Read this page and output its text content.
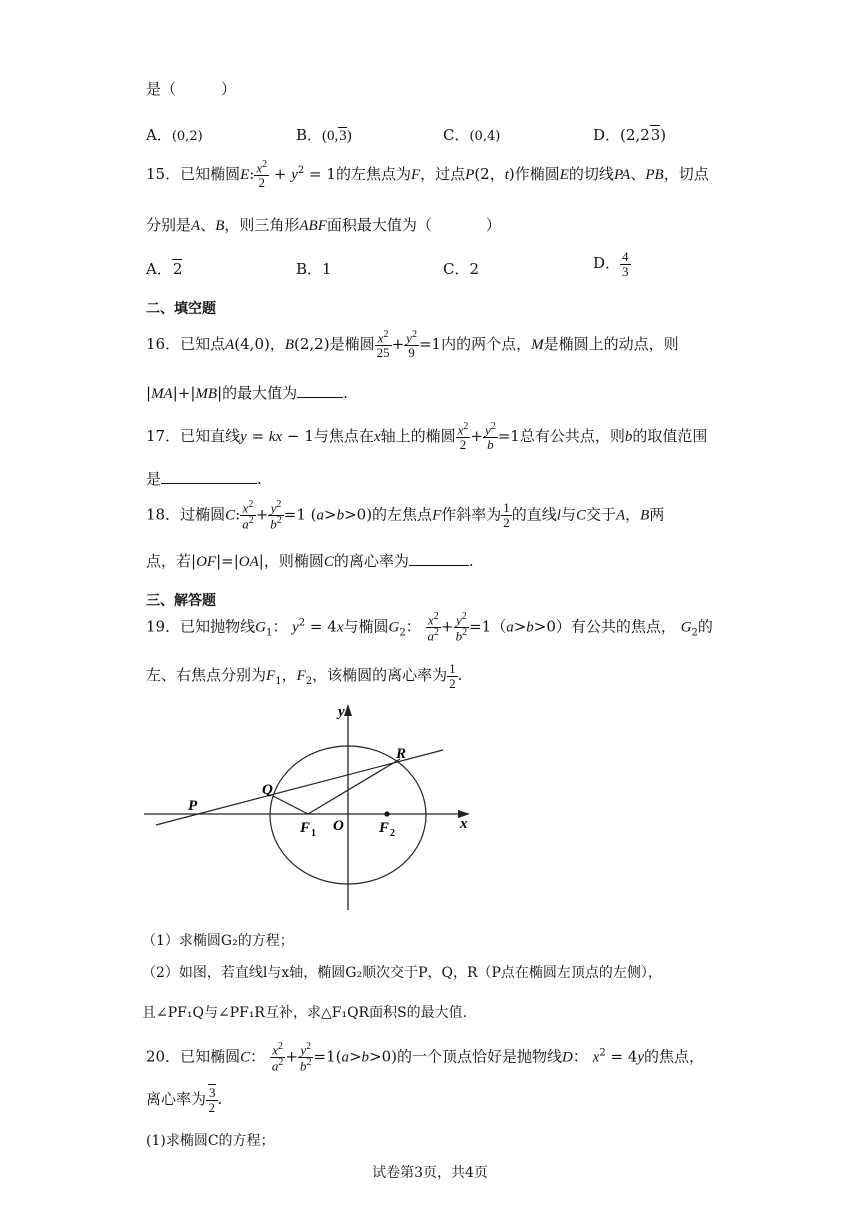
是（　　　）
A．(0,2)	B．(0,3)	C．(0,4)	D．(2,23)
15．已知椭圆E: $\frac{x^2}{2} + y^2 = 1$的左焦点为F，过点P(2，t)作椭圆E的切线PA、PB，切点
分别是A、B，则三角形ABF面积最大值为（	）
A．2	B．1	C．2	D． $\frac{4}{3}$
二、填空题
16．已知点A(4,0)，B(2,2)是椭圆 $\frac{x^2}{25} + \frac{y^2}{9} =1$内的两个点，M是椭圆上的动点，则
|MA|+|MB|的最大值为	.
17．已知直线y = kx − 1与焦点在x轴上的椭圆 $\frac{x^2}{2} + \frac{y^2}{b} =1$总有公共点，则b的取值范围
是	.
18．过椭圆C: $\frac{x^2}{a^2} + \frac{y^2}{b^2} =1$ (a>b>0)的左焦点F作斜率为 $\frac{1}{2}$ 的直线l与C交于A，B两
点，若|OF|=|OA|，则椭圆C的离心率为	.
三、解答题
19．已知抛物线$G_1$： $y^2 = 4x$与椭圆$G_2$： $\frac{x^2}{a^2} + \frac{y^2}{b^2} =1(a>b>0)$有公共的焦点， $G_2$的
左、右焦点分别为$F_1$，$F_2$，该椭圆的离心率为 $\frac{1}{2}$ .
y
x
O
P
Q
R
F 1	F 2
（1）求椭圆G₂的方程；
（2）如图，若直线l与x轴，椭圆G₂顺次交于P，Q，R（P点在椭圆左顶点的左侧），
且∠PF₁Q与∠PF₁R互补，求△F₁QR面积S的最大值.
20．已知椭圆C： $\frac{x^2}{a^2} + \frac{y^2}{b^2} =1(a>b>0)$的一个顶点恰好是抛物线D： $x^2 = 4y$的焦点，
离心率为 $\frac{3}{2}$ .
(1)求椭圆C的方程；
试卷第3页，共4页
